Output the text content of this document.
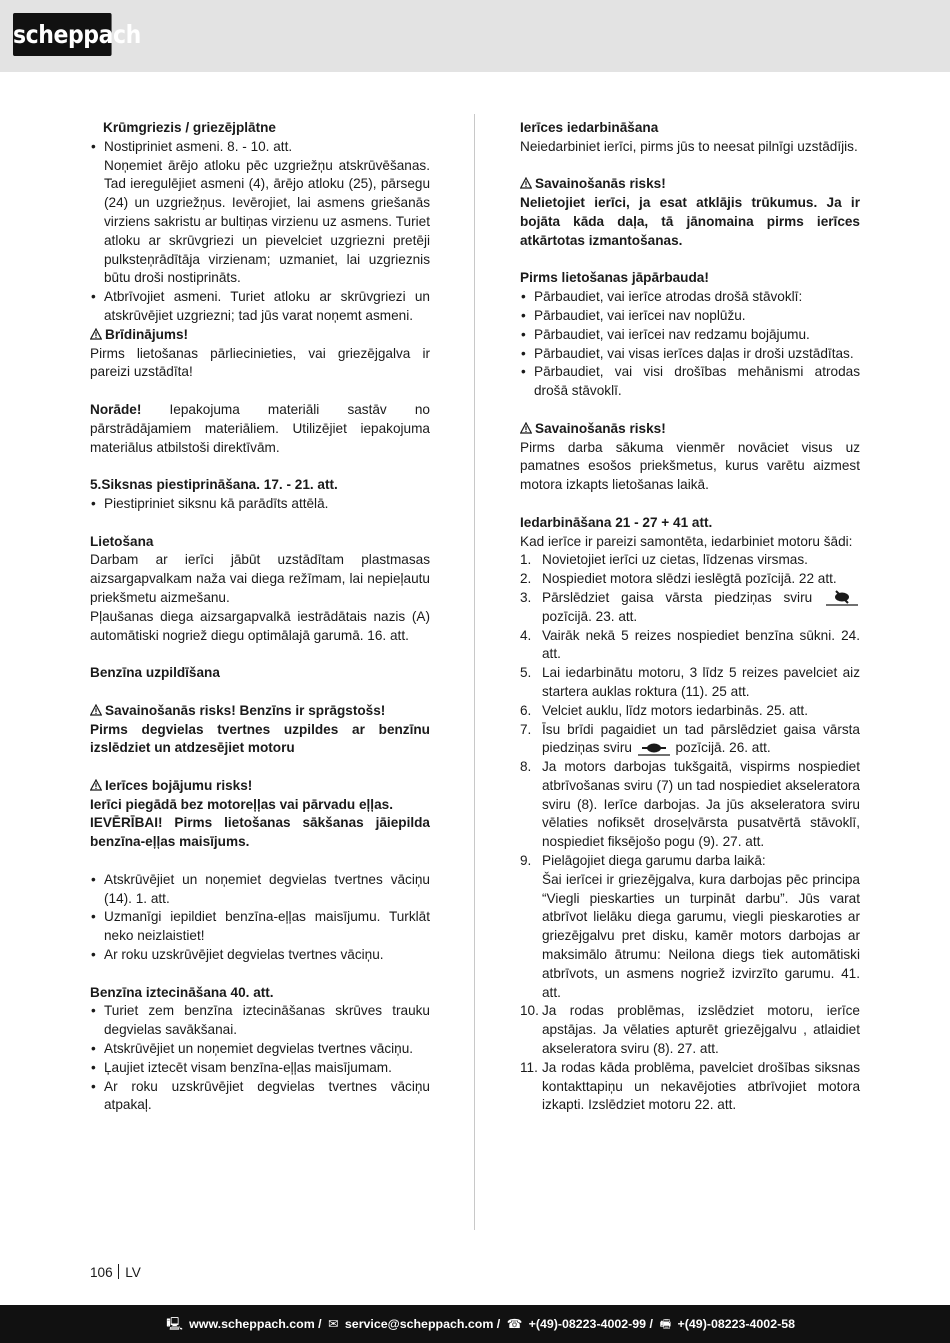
scheppach
Krūmgriezis / griezējplātne
• Nostipriniet asmeni. 8. - 10. att.
Noņemiet ārējo atloku pēc uzgriežņu atskrūvēšanas. Tad ieregulējiet asmeni (4), ārējo atloku (25), pārsegu (24) un uzgriežņus. Ievērojiet, lai asmens griešanās virziens sakristu ar bultiņas virzienu uz asmens. Turiet atloku ar skrūvgriezi un pievelciet uzgriezni pretēji pulksteņrādītāja virzienam; uzmaniet, lai uzgrieznis būtu droši nostiprināts.
• Atbrīvojiet asmeni. Turiet atloku ar skrūvgriezi un atskrūvējiet uzgriezni; tad jūs varat noņemt asmeni.
Brīdinājums!
Pirms lietošanas pārliecinieties, vai griezējgalva ir pareizi uzstādīta!
Norāde! Iepakojuma materiāli sastāv no pārstrādājamiem materiāliem. Utilizējiet iepakojuma materiālus atbilstoši direktīvām.
5.Siksnas piestiprināšana. 17. - 21. att.
• Piestipriniet siksnu kā parādīts attēlā.
Lietošana
Darbam ar ierīci jābūt uzstādītam plastmasas aizsargapvalkam naža vai diega režīmam, lai nepieļautu priekšmetu aizmešanu.
Pļaušanas diega aizsargapvalkā iestrādātais nazis (A) automātiski nogriež diegu optimālajā garumā. 16. att.
Benzīna uzpildīšana
Savainošanās risks! Benzīns ir sprāgstošs!
Pirms degvielas tvertnes uzpildes ar benzīnu izslēdziet un atdzesējiet motoru
Ierīces bojājumu risks!
Ierīci piegādā bez motoreļļas vai pārvadu eļļas.
IEVĒRĪBAI! Pirms lietošanas sākšanas jāiepilda benzīna-eļļas maisījums.
• Atskrūvējiet un noņemiet degvielas tvertnes vāciņu (14). 1. att.
• Uzmanīgi iepildiet benzīna-eļļas maisījumu. Turklāt neko neizlaistiet!
• Ar roku uzskrūvējiet degvielas tvertnes vāciņu.
Benzīna iztecināšana 40. att.
• Turiet zem benzīna iztecināšanas skrūves trauku degvielas savākšanai.
• Atskrūvējiet un noņemiet degvielas tvertnes vāciņu.
• Ļaujiet iztecēt visam benzīna-eļļas maisījumam.
• Ar roku uzskrūvējiet degvielas tvertnes vāciņu atpakaļ.
Ierīces iedarbināšana
Neiedarbiniet ierīci, pirms jūs to neesat pilnīgi uzstādījis.
Savainošanās risks!
Nelietojiet ierīci, ja esat atklājis trūkumus. Ja ir bojāta kāda daļa, tā jānomaina pirms ierīces atkārtotas izmantošanas.
Pirms lietošanas jāpārbauda!
• Pārbaudiet, vai ierīce atrodas drošā stāvoklī:
• Pārbaudiet, vai ierīcei nav noplūžu.
• Pārbaudiet, vai ierīcei nav redzamu bojājumu.
• Pārbaudiet, vai visas ierīces daļas ir droši uzstādītas.
• Pārbaudiet, vai visi drošības mehānismi atrodas drošā stāvoklī.
Savainošanās risks!
Pirms darba sākuma vienmēr novāciet visus uz pamatnes esošos priekšmetus, kurus varētu aizmest motora izkapts lietošanas laikā.
Iedarbināšana 21 - 27 + 41 att.
Kad ierīce ir pareizi samontēta, iedarbiniet motoru šādi:
1. Novietojiet ierīci uz cietas, līdzenas virsmas.
2. Nospiediet motora slēdzi ieslēgtā pozīcijā. 22 att.
3. Pārslēdziet gaisa vārsta piedziņas sviru  pozīcijā. 23. att.
4. Vairāk nekā 5 reizes nospiediet benzīna sūkni. 24. att.
5. Lai iedarbinātu motoru, 3 līdz 5 reizes pavelciet aiz startera auklas roktura (11). 25 att.
6. Velciet auklu, līdz motors iedarbinās. 25. att.
7. Īsu brīdi pagaidiet un tad pārslēdziet gaisa vārsta piedziņas sviru	pozīcijā. 26. att.
8. Ja motors darbojas tukšgaitā, vispirms nospiediet atbrīvošanas sviru (7) un tad nospiediet akseleratora sviru (8). Ierīce darbojas. Ja jūs akseleratora sviru vēlaties nofiksēt droseļvārsta pusatvērtā stāvoklī, nospiediet fiksējošo pogu (9). 27. att.
9. Pielāgojiet diega garumu darba laikā:
Šai ierīcei ir griezējgalva, kura darbojas pēc principa “Viegli pieskarties un turpināt darbu”. Jūs varat atbrīvot lielāku diega garumu, viegli pieskaroties ar griezējgalvu pret disku, kamēr motors darbojas ar maksimālo ātrumu: Neilona diegs tiek automātiski atbrīvots, un asmens nogriež izvirzīto garumu. 41. att.
10. Ja rodas problēmas, izslēdziet motoru, ierīce apstājas. Ja vēlaties apturēt griezējgalvu , atlaidiet akseleratora sviru (8). 27. att.
11. Ja rodas kāda problēma, pavelciet drošības siksnas kontakttapiņu un nekavējoties atbrīvojiet motora izkapti. Izslēdziet motoru 22. att.
106 LV
🖳 www.scheppach.com / ✉ service@scheppach.com / ☎ +(49)-08223-4002-99 / 🖷 +(49)-08223-4002-58
